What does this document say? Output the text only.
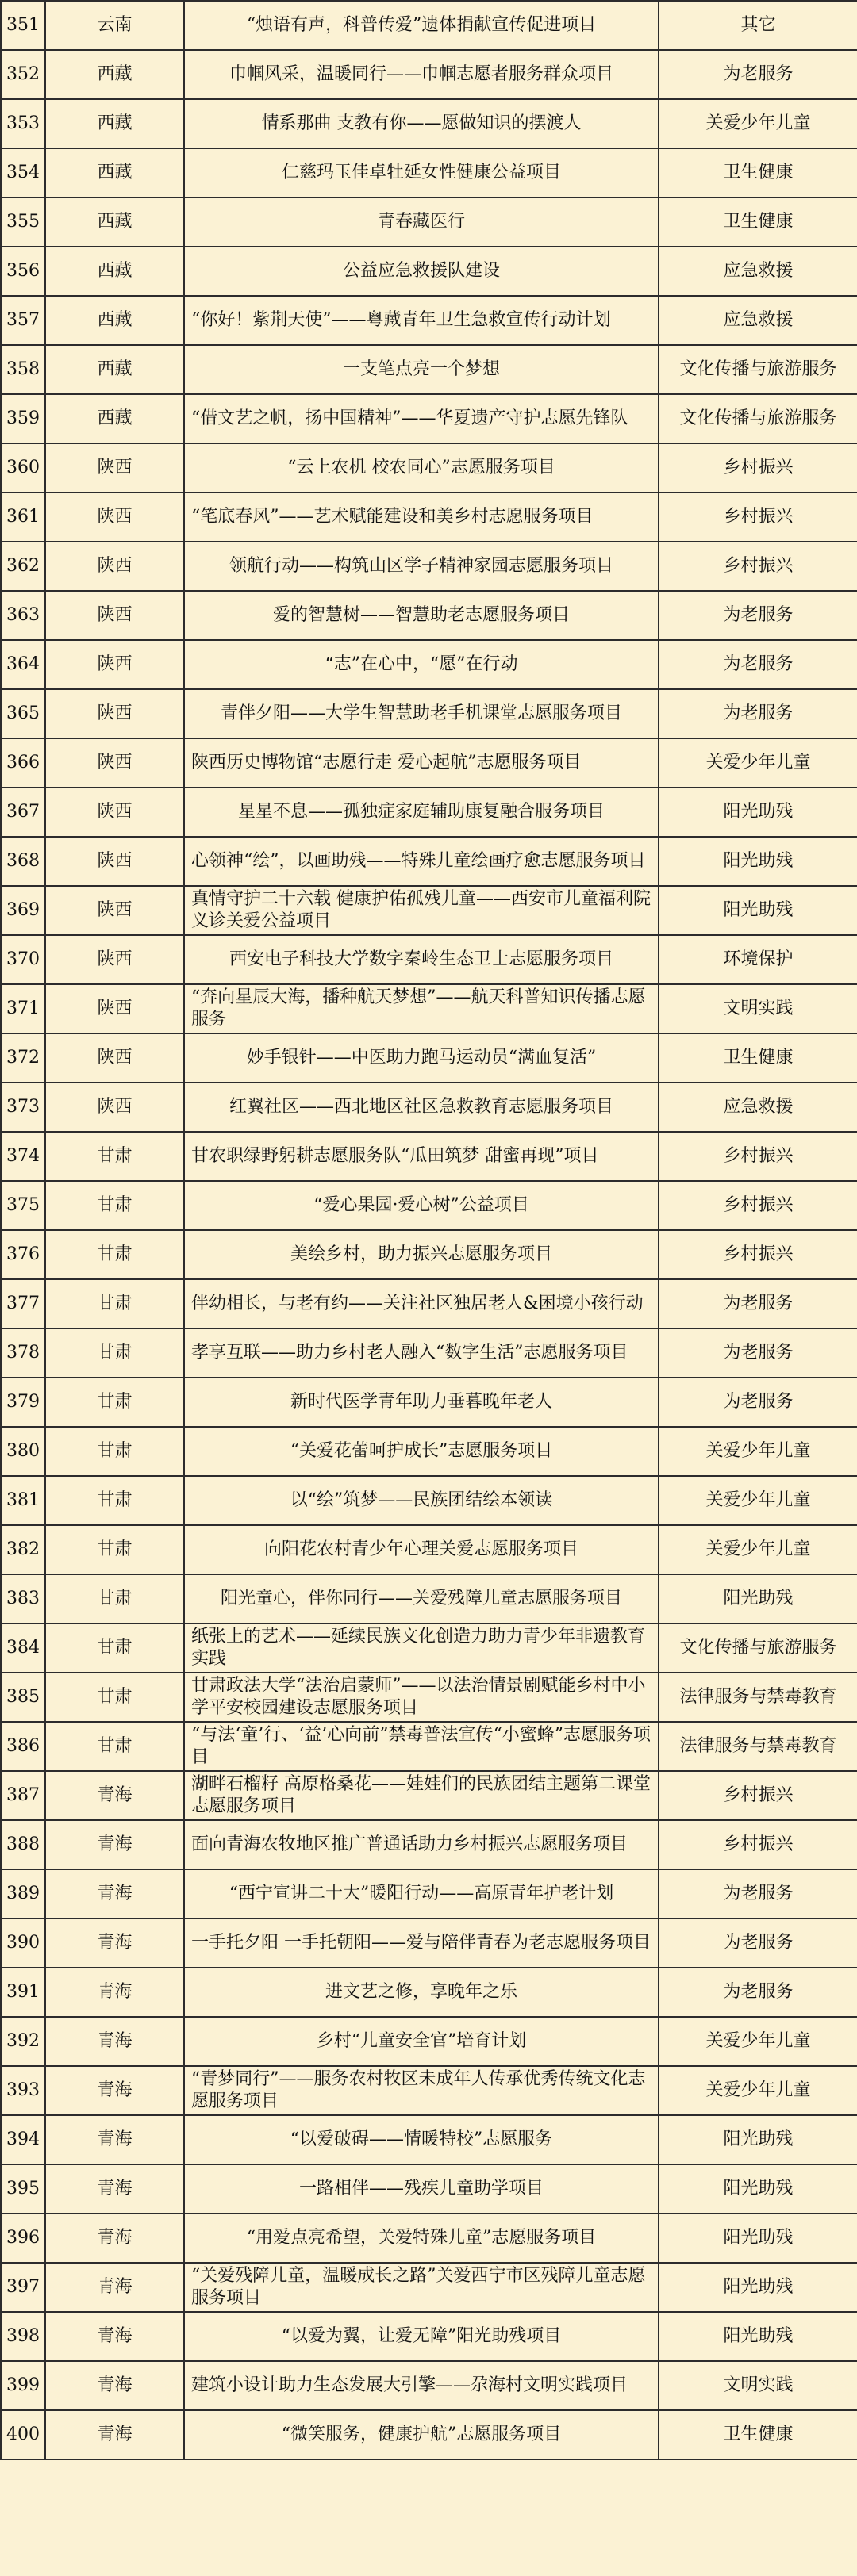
351	云南	“烛语有声，科普传爱”遗体捐献宣传促进项目	其它
352	西藏	巾帼风采，温暖同行——巾帼志愿者服务群众项目	为老服务
353	西藏	情系那曲 支教有你——愿做知识的摆渡人	关爱少年儿童
354	西藏	仁慈玛玉佳卓牡延女性健康公益项目	卫生健康
355	西藏	青春藏医行	卫生健康
356	西藏	公益应急救援队建设	应急救援
357	西藏	“你好！紫荆天使”——粤藏青年卫生急救宣传行动计划	应急救援
358	西藏	一支笔点亮一个梦想	文化传播与旅游服务
359	西藏	“借文艺之帆，扬中国精神”——华夏遗产守护志愿先锋队	文化传播与旅游服务
360	陕西	“云上农机 校农同心”志愿服务项目	乡村振兴
361	陕西	“笔底春风”——艺术赋能建设和美乡村志愿服务项目	乡村振兴
362	陕西	领航行动——构筑山区学子精神家园志愿服务项目	乡村振兴
363	陕西	爱的智慧树——智慧助老志愿服务项目	为老服务
364	陕西	“志”在心中，“愿”在行动	为老服务
365	陕西	青伴夕阳——大学生智慧助老手机课堂志愿服务项目	为老服务
366	陕西	陕西历史博物馆“志愿行走 爱心起航”志愿服务项目	关爱少年儿童
367	陕西	星星不息——孤独症家庭辅助康复融合服务项目	阳光助残
368	陕西	心领神“绘”，以画助残——特殊儿童绘画疗愈志愿服务项目	阳光助残
369	陕西	真情守护二十六载 健康护佑孤残儿童——西安市儿童福利院义诊关爱公益项目	阳光助残
370	陕西	西安电子科技大学数字秦岭生态卫士志愿服务项目	环境保护
371	陕西	“奔向星辰大海，播种航天梦想”——航天科普知识传播志愿服务	文明实践
372	陕西	妙手银针——中医助力跑马运动员“满血复活”	卫生健康
373	陕西	红翼社区——西北地区社区急救教育志愿服务项目	应急救援
374	甘肃	甘农职绿野躬耕志愿服务队“瓜田筑梦 甜蜜再现”项目	乡村振兴
375	甘肃	“爱心果园·爱心树”公益项目	乡村振兴
376	甘肃	美绘乡村，助力振兴志愿服务项目	乡村振兴
377	甘肃	伴幼相长，与老有约——关注社区独居老人&困境小孩行动	为老服务
378	甘肃	孝享互联——助力乡村老人融入“数字生活”志愿服务项目	为老服务
379	甘肃	新时代医学青年助力垂暮晚年老人	为老服务
380	甘肃	“关爱花蕾呵护成长”志愿服务项目	关爱少年儿童
381	甘肃	以“绘”筑梦——民族团结绘本领读	关爱少年儿童
382	甘肃	向阳花农村青少年心理关爱志愿服务项目	关爱少年儿童
383	甘肃	阳光童心，伴你同行——关爱残障儿童志愿服务项目	阳光助残
384	甘肃	纸张上的艺术——延续民族文化创造力助力青少年非遗教育实践	文化传播与旅游服务
385	甘肃	甘肃政法大学“法治启蒙师”——以法治情景剧赋能乡村中小学平安校园建设志愿服务项目	法律服务与禁毒教育
386	甘肃	“与法‘童’行、‘益’心向前”禁毒普法宣传“小蜜蜂”志愿服务项目	法律服务与禁毒教育
387	青海	湖畔石榴籽 高原格桑花——娃娃们的民族团结主题第二课堂志愿服务项目	乡村振兴
388	青海	面向青海农牧地区推广普通话助力乡村振兴志愿服务项目	乡村振兴
389	青海	“西宁宣讲二十大”暖阳行动——高原青年护老计划	为老服务
390	青海	一手托夕阳 一手托朝阳——爱与陪伴青春为老志愿服务项目	为老服务
391	青海	进文艺之修，享晚年之乐	为老服务
392	青海	乡村“儿童安全官”培育计划	关爱少年儿童
393	青海	“青梦同行”——服务农村牧区未成年人传承优秀传统文化志愿服务项目	关爱少年儿童
394	青海	“以爱破碍——情暖特校”志愿服务	阳光助残
395	青海	一路相伴——残疾儿童助学项目	阳光助残
396	青海	“用爱点亮希望，关爱特殊儿童”志愿服务项目	阳光助残
397	青海	“关爱残障儿童，温暖成长之路”关爱西宁市区残障儿童志愿服务项目	阳光助残
398	青海	“以爱为翼，让爱无障”阳光助残项目	阳光助残
399	青海	建筑小设计助力生态发展大引擎——尕海村文明实践项目	文明实践
400	青海	“微笑服务，健康护航”志愿服务项目	卫生健康
